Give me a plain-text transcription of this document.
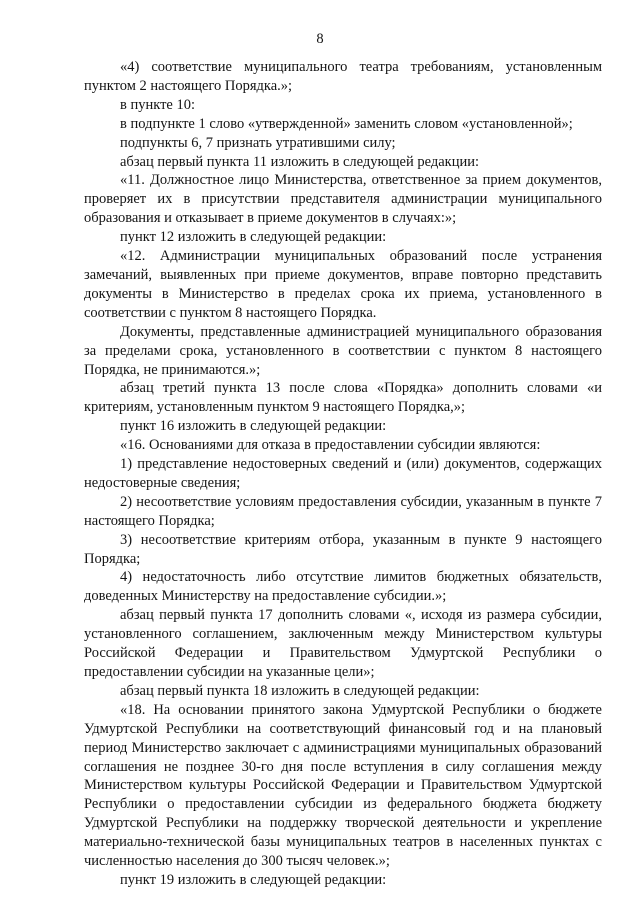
8

«4) соответствие муниципального театра требованиям, установленным пунктом 2 настоящего Порядка.»;

в пункте 10:

в подпункте 1 слово «утвержденной» заменить словом «установленной»;

подпункты 6, 7 признать утратившими силу;

абзац первый пункта 11 изложить в следующей редакции:

«11. Должностное лицо Министерства, ответственное за прием документов, проверяет их в присутствии представителя администрации муниципального образования и отказывает в приеме документов в случаях:»;

пункт 12 изложить в следующей редакции:

«12. Администрации муниципальных образований после устранения замечаний, выявленных при приеме документов, вправе повторно представить документы в Министерство в пределах срока их приема, установленного в соответствии с пунктом 8 настоящего Порядка.

Документы, представленные администрацией муниципального образования за пределами срока, установленного в соответствии с пунктом 8 настоящего Порядка, не принимаются.»;

абзац третий пункта 13 после слова «Порядка» дополнить словами «и критериям, установленным пунктом 9 настоящего Порядка,»;

пункт 16 изложить в следующей редакции:

«16. Основаниями для отказа в предоставлении субсидии являются:

1) представление недостоверных сведений и (или) документов, содержащих недостоверные сведения;

2) несоответствие условиям предоставления субсидии, указанным в пункте 7 настоящего Порядка;

3) несоответствие критериям отбора, указанным в пункте 9 настоящего Порядка;

4) недостаточность либо отсутствие лимитов бюджетных обязательств, доведенных Министерству на предоставление субсидии.»;

абзац первый пункта 17 дополнить словами «, исходя из размера субсидии, установленного соглашением, заключенным между Министерством культуры Российской Федерации и Правительством Удмуртской Республики о предоставлении субсидии на указанные цели»;

абзац первый пункта 18 изложить в следующей редакции:

«18. На основании принятого закона Удмуртской Республики о бюджете Удмуртской Республики на соответствующий финансовый год и на плановый период Министерство заключает с администрациями муниципальных образований соглашения не позднее 30-го дня после вступления в силу соглашения между Министерством культуры Российской Федерации и Правительством Удмуртской Республики о предоставлении субсидии из федерального бюджета бюджету Удмуртской Республики на поддержку творческой деятельности и укрепление материально-технической базы муниципальных театров в населенных пунктах с численностью населения до 300 тысяч человек.»;

пункт 19 изложить в следующей редакции:
